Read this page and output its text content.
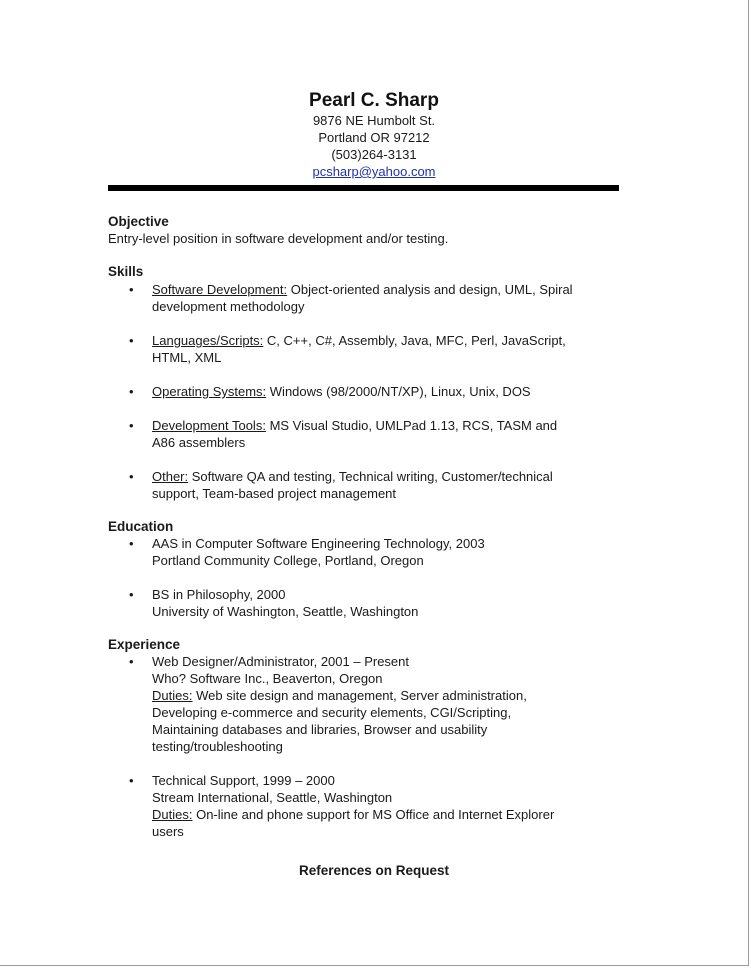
Pearl C. Sharp
9876 NE Humbolt St.
Portland OR 97212
(503)264-3131
pcsharp@yahoo.com
Objective
Entry-level position in software development and/or testing.
Skills
• Software Development: Object-oriented analysis and design, UML, Spiral
development methodology
• Languages/Scripts: C, C++, C#, Assembly, Java, MFC, Perl, JavaScript,
HTML, XML
• Operating Systems: Windows (98/2000/NT/XP), Linux, Unix, DOS
• Development Tools: MS Visual Studio, UMLPad 1.13, RCS, TASM and
A86 assemblers
• Other: Software QA and testing, Technical writing, Customer/technical
support, Team-based project management
Education
• AAS in Computer Software Engineering Technology, 2003
Portland Community College, Portland, Oregon
• BS in Philosophy, 2000
University of Washington, Seattle, Washington
Experience
• Web Designer/Administrator, 2001 – Present
Who? Software Inc., Beaverton, Oregon
Duties: Web site design and management, Server administration,
Developing e-commerce and security elements, CGI/Scripting,
Maintaining databases and libraries, Browser and usability
testing/troubleshooting
• Technical Support, 1999 – 2000
Stream International, Seattle, Washington
Duties: On-line and phone support for MS Office and Internet Explorer
users
References on Request
